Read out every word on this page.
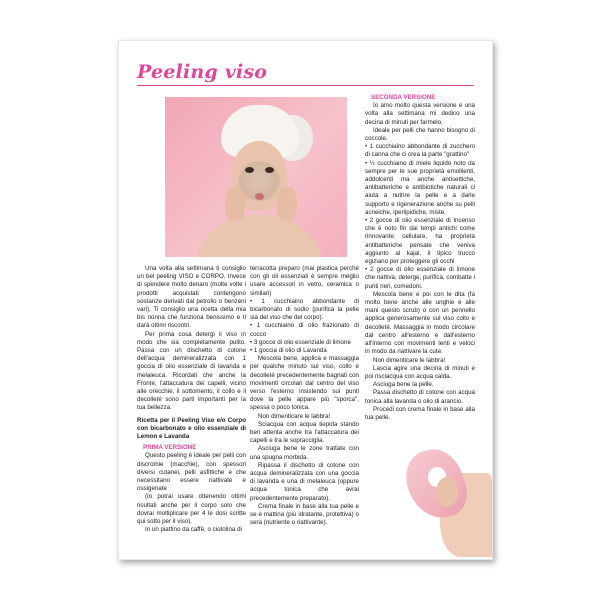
Peeling viso

Una volta alla settimana ti consiglio un bel peeling VISO e CORPO. Invece di spendere molto denaro (molte volte i prodotti acquistati contengono sostanze derivati dal petrolio o benzeni vari), Ti consiglio una ricetta della mia bis nonna che funziona benissimo e ti darà ottimi riscontri.

Per prima cosa detergi il viso in modo che sia completamente pulito. Passa con un dischetto di cotone dell'acqua demineralizzata con 1 goccia di olio essenziale di lavanda e melaleuca. Ricordati che anche la Fronte, l'attaccatura dei capelli, vicino alle orecchie, il sottomento, il collo e il decolleté sono parti importanti per la tua bellezza.

Ricetta per il Peeling Viso e/o Corpo con bicarbonato e olio essenziale di Lemon e Lavanda

PRIMA VERSIONE

Questo peeling è ideale per pelli con discromie (macchie), con spessori diversi cutanei, pelli asfittiche e che necessitano essere riattivate e ossigenate

(Io potrai usare ottenendo ottimi risultati anche per il corpo solo che dovrai moltiplicare per 4 le dosi scritte qui sotto per il viso).

In un piattino da caffè, o ciotolina di

terracotta preparo (mai plastica perché con gli oli essenziali è sempre meglio usare accessori in vetro, ceramica o similari)

• 1 cucchiaino abbondante di bicarbonato di sodio (purifica la pelle sia del viso che del corpo).

• 1 cucchiaino di olio frazionato di cocco

• 3 gocce di olio essenziale di limone

• 1 goccia di olio di Lavanda

Mescola bene, applica e massaggia per qualche minuto sul viso, collo e decolleté precedentemente bagnati con movimenti circolari dal centro del viso verso l'esterno insistendo sui punti dove la pelle appare più "sporca", spessa o poco tonica.

Non dimenticare le labbra!

Sciacqua con acqua tiepida stando ben attenta anche tra l'attaccatura dei capelli e tra le sopracciglia.

Asciuga bene le zone trattate con una spugna morbida.

Ripassa il dischetto di cotone con acqua demineralizzata con una goccia di lavanda e una di melaleuca (oppure acqua tonica che avrai precedentemente preparato).

Crema finale in base alla tua pelle e se è mattina (più idratante, protettiva) o sera (nutriente o riattivante).

SECONDA VERSIONE

Io amo molto questa versione e una volta alla settimana mi dedico una decina di minuti per farmelo.

Ideale per pelli che hanno bisogno di coccole.

• 1 cucchiaino abbondante di zucchero di canna che ci crea la parte "grattino"

• ½ cucchiaino di miele liquido noto da sempre per le sue proprietà emollienti, addolcenti ma anche antisettiche, antibatteriche e antibiotiche naturali ci aiuta a nutrire la pelle e a darle supporto e rigenerazione anche su pelli acneiche, iperlipidiche, miste.

• 2 gocce di olio essenziale di Incenso che è noto fin dai tempi antichi come rinnovante cellulare, ha proprietà antibatteriche pensate che veniva aggiunto al kajal, il tipico trucco egiziano per proteggere gli occhi

• 2 gocce di olio essenziale di limone che riattiva, deterge, purifica, combatte i punti neri, comedoni.

Mescola bene e poi con le dita (fa molto bene anche alle unghie e alle mani questo scrub) o con un pennello applica generosamente sul viso collo e decolleté. Massaggia in modo circolare dal centro all'esterno e dall'esterno all'interno con movimenti lenti e veloci in modo da riattivare la cute.

Non dimenticare le labbra!

Lascia agire una decina di minuti e poi risciacqua con acqua calda.

Asciuga bene la pelle.

Passa dischetto di cotone con acqua tonica alla lavanda o olio di arancio.

Procedi con crema finale in base alla tua pelle.
